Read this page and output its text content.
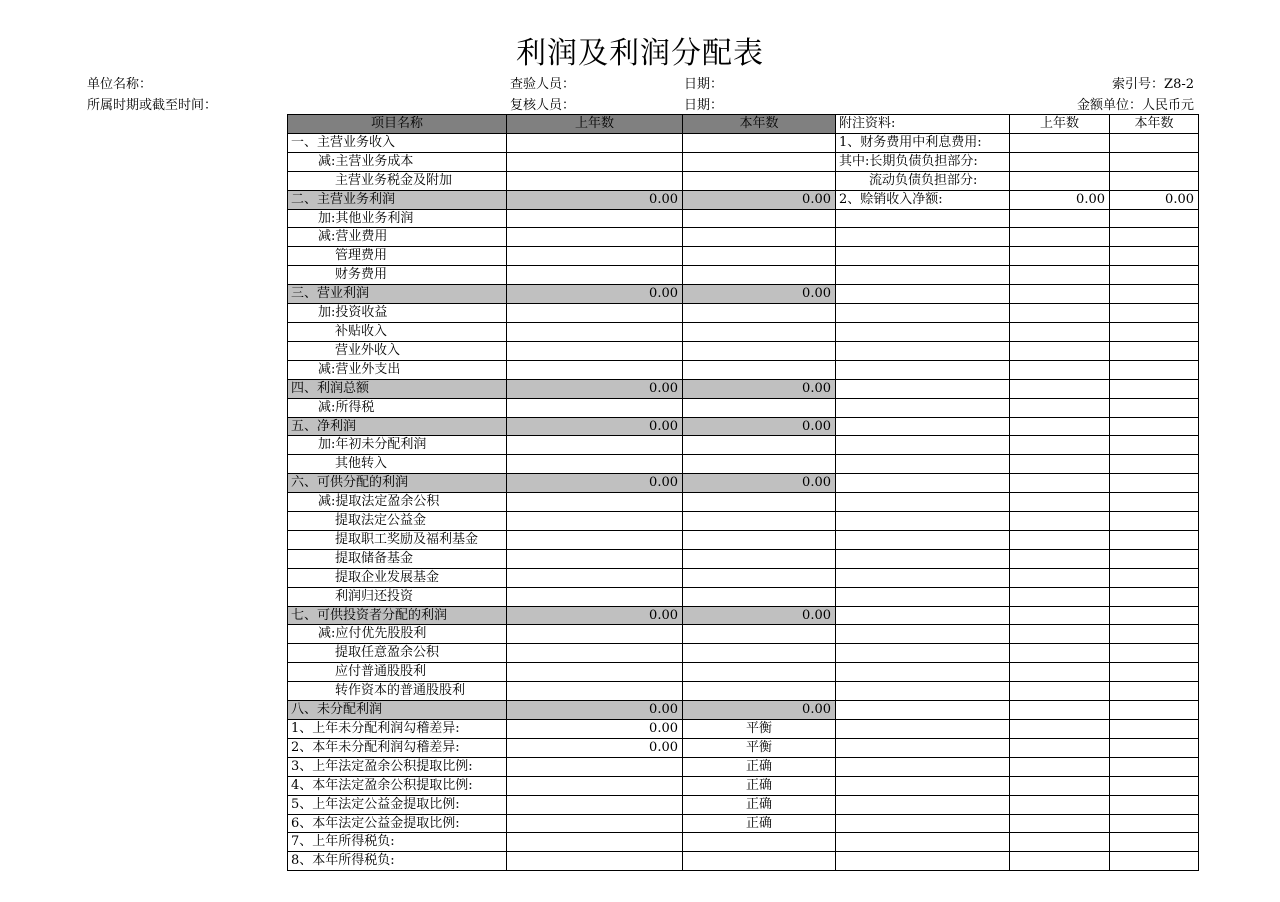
利润及利润分配表
单位名称：
所属时期或截至时间：
查验人员：
复核人员：
日期：
日期：
索引号：Z8-2
金额单位：人民币元
项目名称	上年数	本年数	附注资料:	上年数	本年数
一、主营业务收入			1、财务费用中利息费用:		
减:主营业务成本			其中:长期负债负担部分:		
主营业务税金及附加			流动负债负担部分:		
二、主营业务利润	0.00	0.00	2、赊销收入净额:	0.00	0.00
加:其他业务利润					
减:营业费用					
管理费用					
财务费用					
三、营业利润	0.00	0.00			
加:投资收益					
补贴收入					
营业外收入					
减:营业外支出					
四、利润总额	0.00	0.00			
减:所得税					
五、净利润	0.00	0.00			
加:年初未分配利润					
其他转入					
六、可供分配的利润	0.00	0.00			
减:提取法定盈余公积					
提取法定公益金					
提取职工奖励及福利基金					
提取储备基金					
提取企业发展基金					
利润归还投资					
七、可供投资者分配的利润	0.00	0.00			
减:应付优先股股利					
提取任意盈余公积					
应付普通股股利					
转作资本的普通股股利					
八、未分配利润	0.00	0.00			
1、上年未分配利润勾稽差异:	0.00	平衡			
2、本年未分配利润勾稽差异:	0.00	平衡			
3、上年法定盈余公积提取比例:		正确			
4、本年法定盈余公积提取比例:		正确			
5、上年法定公益金提取比例:		正确			
6、本年法定公益金提取比例:		正确			
7、上年所得税负:					
8、本年所得税负:					
